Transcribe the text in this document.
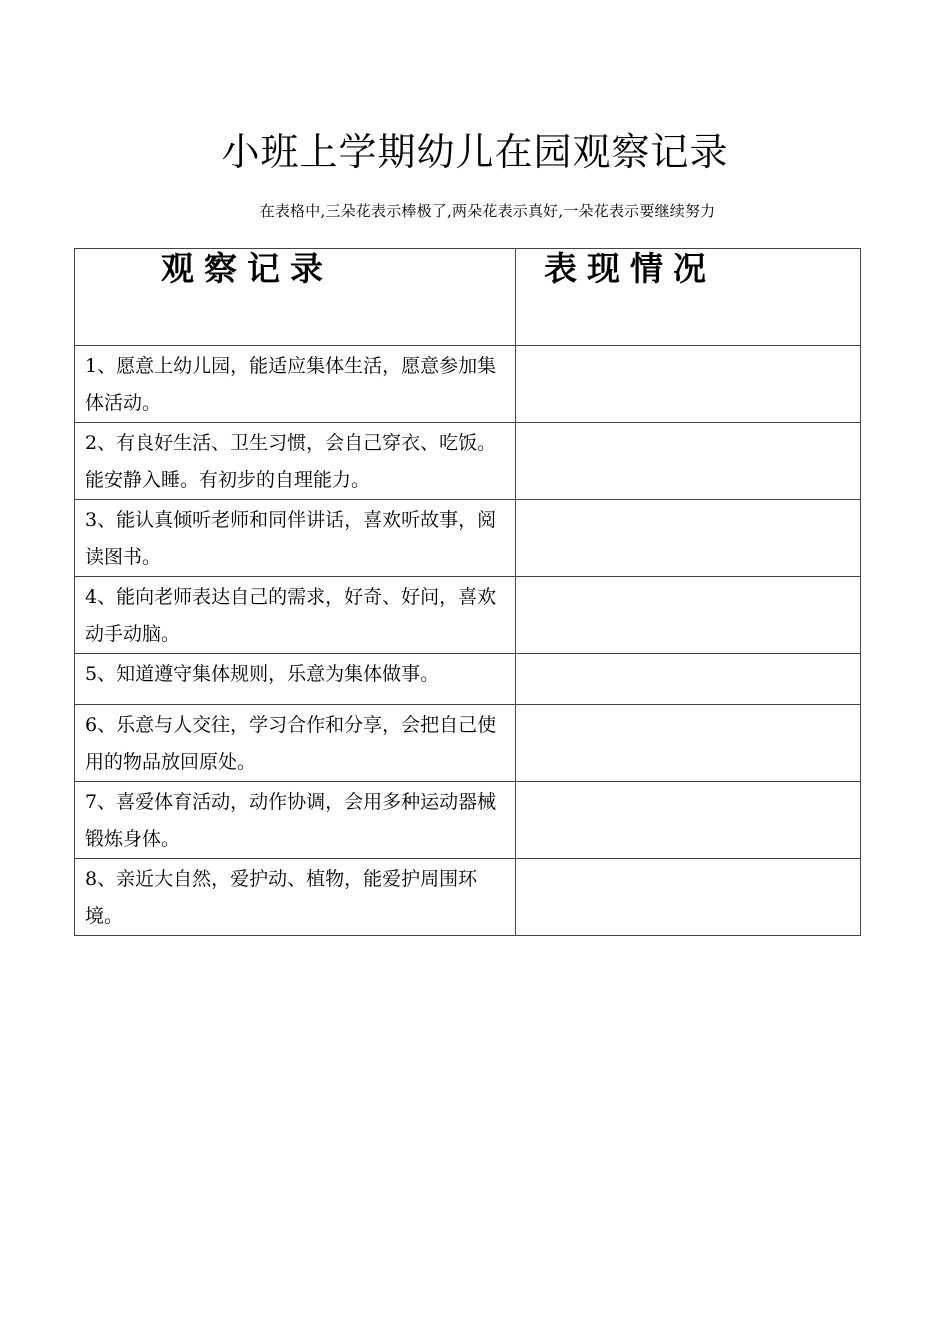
小班上学期幼儿在园观察记录
在表格中,三朵花表示棒极了,两朵花表示真好,一朵花表示要继续努力
观察记录	表现情况
1、愿意上幼儿园，能适应集体生活，愿意参加集体活动。	
2、有良好生活、卫生习惯，会自己穿衣、吃饭。能安静入睡。有初步的自理能力。	
3、能认真倾听老师和同伴讲话，喜欢听故事，阅读图书。	
4、能向老师表达自己的需求，好奇、好问，喜欢动手动脑。	
5、知道遵守集体规则，乐意为集体做事。	
6、乐意与人交往，学习合作和分享，会把自己使用的物品放回原处。	
7、喜爱体育活动，动作协调，会用多种运动器械锻炼身体。	
8、亲近大自然，爱护动、植物，能爱护周围环境。	
